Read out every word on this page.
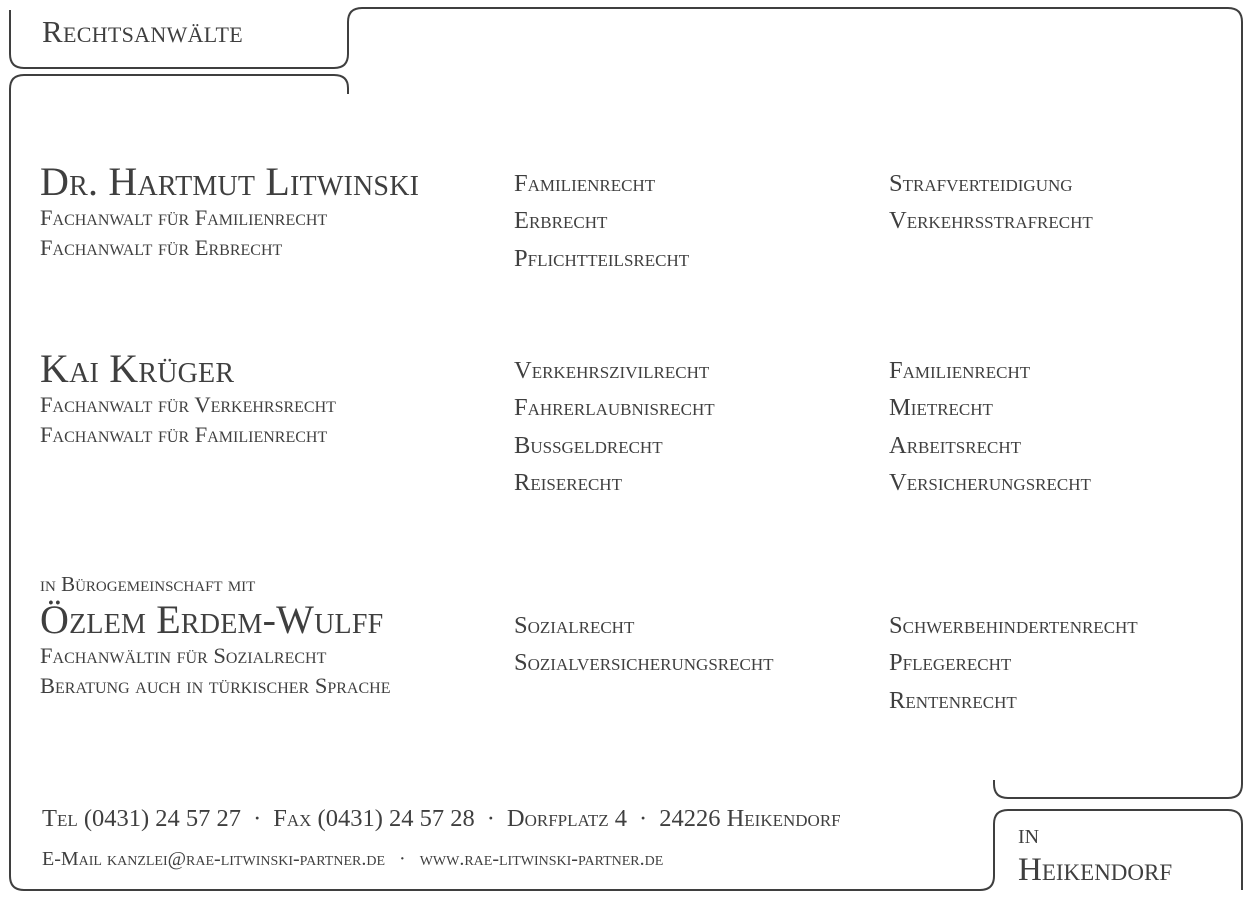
Rechtsanwälte
in
Heikendorf
Dr. Hartmut Litwinski
Fachanwalt für Familienrecht
Fachanwalt für Erbrecht
Familienrecht
Erbrecht
Pflichtteilsrecht
Strafverteidigung
Verkehrsstrafrecht
Kai Krüger
Fachanwalt für Verkehrsrecht
Fachanwalt für Familienrecht
Verkehrszivilrecht
Fahrerlaubnisrecht
Bußgeldrecht
Reiserecht
Familienrecht
Mietrecht
Arbeitsrecht
Versicherungsrecht
in Bürogemeinschaft mit
Özlem Erdem-Wulff
Fachanwältin für Sozialrecht
Beratung auch in türkischer Sprache
Sozialrecht
Sozialversicherungsrecht
Schwerbehindertenrecht
Pflegerecht
Rentenrecht
Tel (0431) 24 57 27 · Fax (0431) 24 57 28 · Dorfplatz 4 · 24226 Heikendorf
E-Mail kanzlei@rae-litwinski-partner.de · www.rae-litwinski-partner.de
